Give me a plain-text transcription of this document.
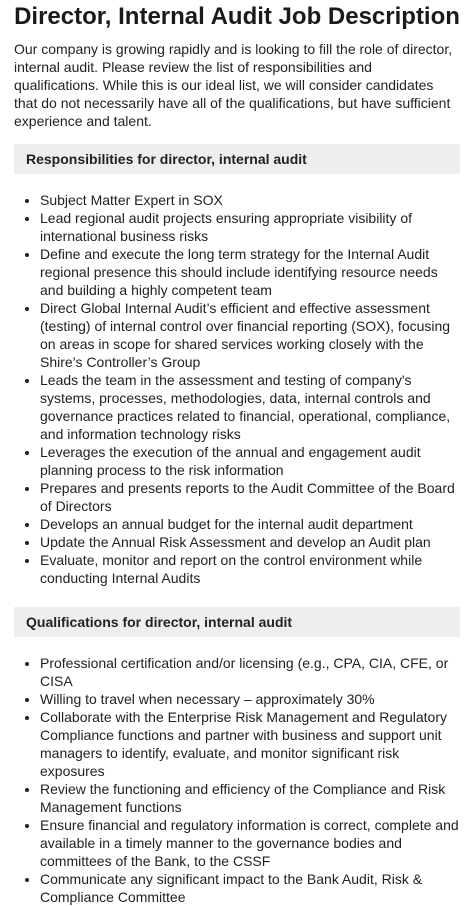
Director, Internal Audit Job Description

Our company is growing rapidly and is looking to fill the role of director, internal audit. Please review the list of responsibilities and qualifications. While this is our ideal list, we will consider candidates that do not necessarily have all of the qualifications, but have sufficient experience and talent.

Responsibilities for director, internal audit
• Subject Matter Expert in SOX
• Lead regional audit projects ensuring appropriate visibility of international business risks
• Define and execute the long term strategy for the Internal Audit regional presence this should include identifying resource needs and building a highly competent team
• Direct Global Internal Audit’s efficient and effective assessment (testing) of internal control over financial reporting (SOX), focusing on areas in scope for shared services working closely with the Shire’s Controller’s Group
• Leads the team in the assessment and testing of company's systems, processes, methodologies, data, internal controls and governance practices related to financial, operational, compliance, and information technology risks
• Leverages the execution of the annual and engagement audit planning process to the risk information
• Prepares and presents reports to the Audit Committee of the Board of Directors
• Develops an annual budget for the internal audit department
• Update the Annual Risk Assessment and develop an Audit plan
• Evaluate, monitor and report on the control environment while conducting Internal Audits
Qualifications for director, internal audit
• Professional certification and/or licensing (e.g., CPA, CIA, CFE, or CISA
• Willing to travel when necessary – approximately 30%
• Collaborate with the Enterprise Risk Management and Regulatory Compliance functions and partner with business and support unit managers to identify, evaluate, and monitor significant risk exposures
• Review the functioning and efficiency of the Compliance and Risk Management functions
• Ensure financial and regulatory information is correct, complete and available in a timely manner to the governance bodies and committees of the Bank, to the CSSF
• Communicate any significant impact to the Bank Audit, Risk & Compliance Committee
